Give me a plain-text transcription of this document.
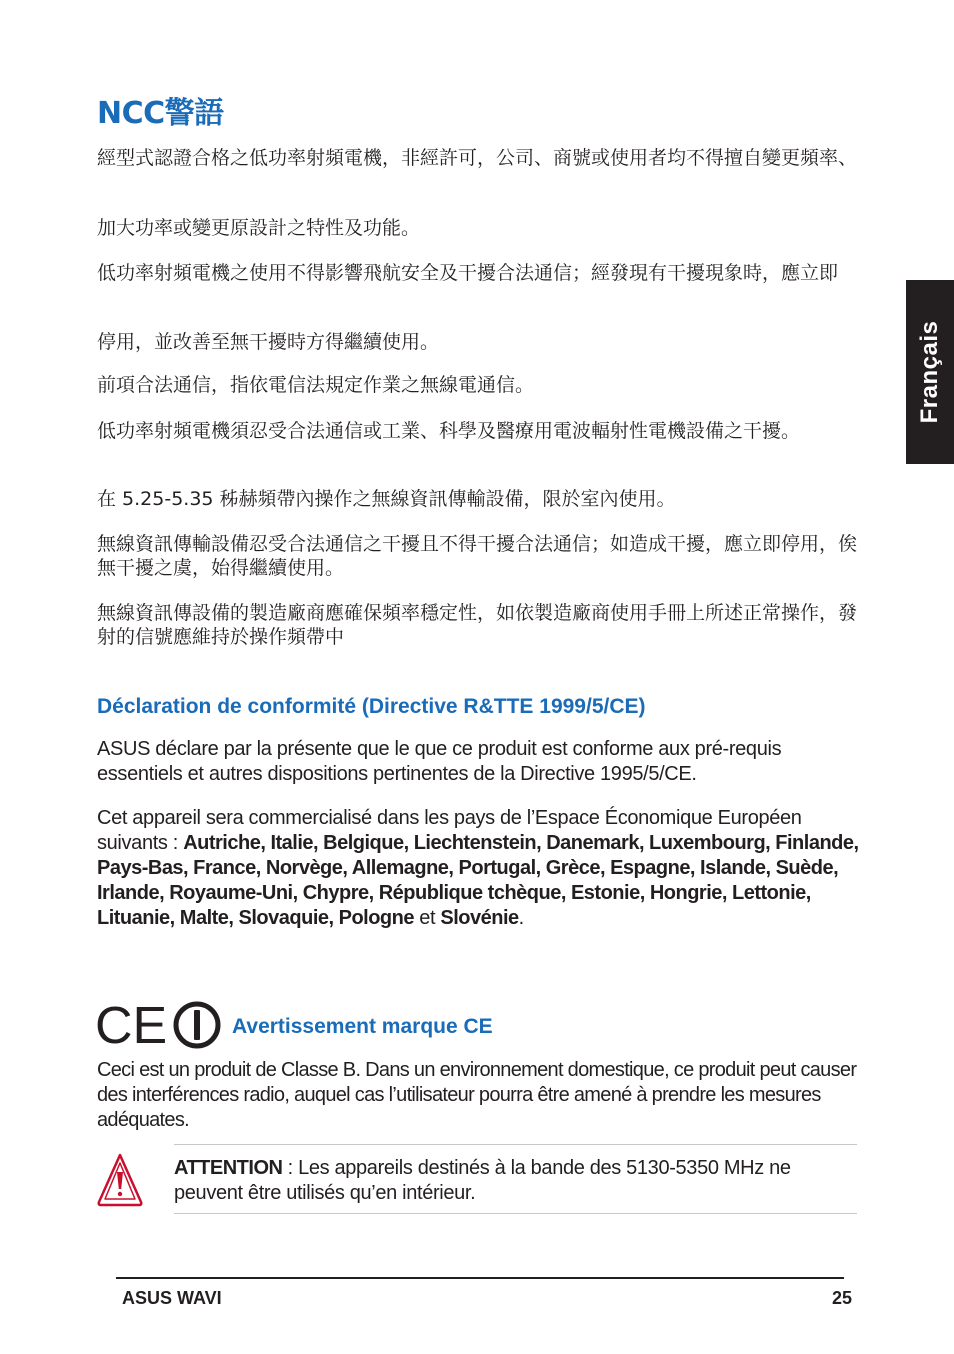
NCC警語
經型式認證合格之低功率射頻電機，非經許可，公司、商號或使用者均不得擅自變更頻率、
加大功率或變更原設計之特性及功能。
低功率射頻電機之使用不得影響飛航安全及干擾合法通信；經發現有干擾現象時，應立即
停用，並改善至無干擾時方得繼續使用。
前項合法通信，指依電信法規定作業之無線電通信。
低功率射頻電機須忍受合法通信或工業、科學及醫療用電波輻射性電機設備之干擾。
在 5.25-5.35 秭赫頻帶內操作之無線資訊傳輸設備，限於室內使用。
無線資訊傳輸設備忍受合法通信之干擾且不得干擾合法通信；如造成干擾，應立即停用，俟無干擾之虞，始得繼續使用。
無線資訊傳設備的製造廠商應確保頻率穩定性，如依製造廠商使用手冊上所述正常操作，發射的信號應維持於操作頻帶中
Français
Déclaration de conformité (Directive R&TTE 1999/5/CE)
ASUS déclare par la présente que le que ce produit est conforme aux pré-requis essentiels et autres dispositions pertinentes de la Directive 1995/5/CE.
Cet appareil sera commercialisé dans les pays de l’Espace Économique Européen suivants : Autriche, Italie, Belgique, Liechtenstein, Danemark, Luxembourg, Finlande, Pays-Bas, France, Norvège, Allemagne, Portugal, Grèce, Espagne, Islande, Suède, Irlande, Royaume-Uni, Chypre, République tchèque, Estonie, Hongrie, Lettonie, Lituanie, Malte, Slovaquie, Pologne et Slovénie.
CE	Avertissement marque CE
Ceci est un produit de Classe B. Dans un environnement domestique, ce produit peut causer des interférences radio, auquel cas l’utilisateur pourra être amené à prendre les mesures adéquates.
ATTENTION : Les appareils destinés à la bande des 5130-5350 MHz ne peuvent être utilisés qu’en intérieur.
ASUS WAVI	25
